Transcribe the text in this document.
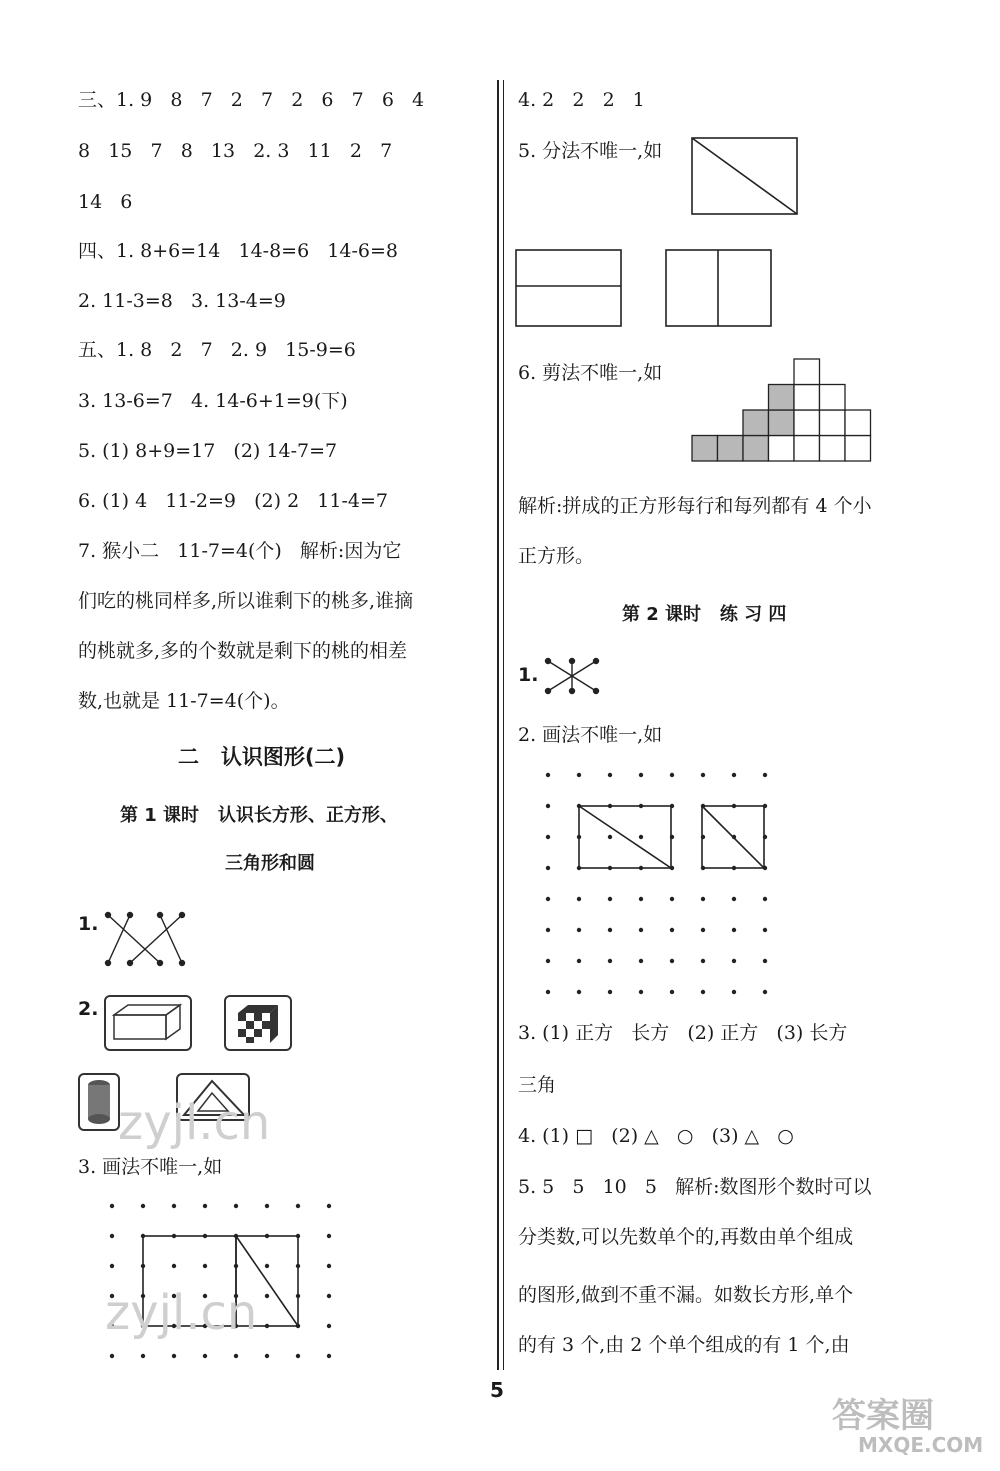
三、1. 9   8   7   2   7   2   6   7   6   4
8   15   7   8   13   2. 3   11   2   7
14   6
四、1. 8+6=14   14-8=6   14-6=8
2. 11-3=8   3. 13-4=9
五、1. 8   2   7   2. 9   15-9=6
3. 13-6=7   4. 14-6+1=9(下)
5. (1) 8+9=17   (2) 14-7=7
6. (1) 4   11-2=9   (2) 2   11-4=7
7. 猴小二   11-7=4(个)   解析:因为它
们吃的桃同样多,所以谁剩下的桃多,谁摘
的桃就多,多的个数就是剩下的桃的相差
数,也就是 11-7=4(个)。
二   认识图形(二)
第 1 课时   认识长方形、正方形、
三角形和圆
1.
2.
3. 画法不唯一,如
4. 2   2   2   1
5. 分法不唯一,如
6. 剪法不唯一,如
解析:拼成的正方形每行和每列都有 4 个小
正方形。
第 2 课时   练 习 四
1.
2. 画法不唯一,如
3. (1) 正方   长方   (2) 正方   (3) 长方
三角
4. (1) □   (2) △   ○   (3) △   ○
5. 5   5   10   5   解析:数图形个数时可以
分类数,可以先数单个的,再数由单个组成
的图形,做到不重不漏。如数长方形,单个
的有 3 个,由 2 个单个组成的有 1 个,由
5
zyjl.cn
zyjl.cn
答案圈
MXQE.COM
